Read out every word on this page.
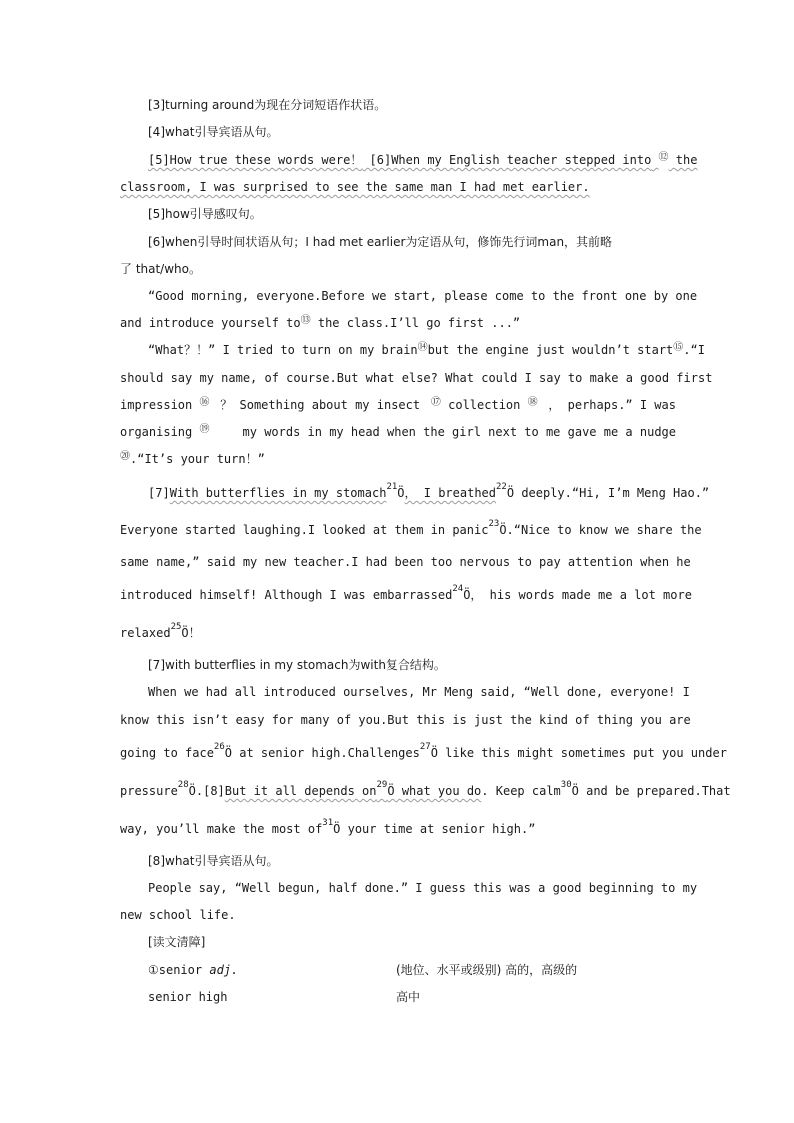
[3]turning around为现在分词短语作状语。
[4]what引导宾语从句。
[5]How true these words were！ [6]When my English teacher stepped into ⑫ the
classroom, I was surprised to see the same man I had met earlier.
[5]how引导感叹句。
[6]when引导时间状语从句；I had met earlier为定语从句，修饰先行词man，其前略
了 that/who。
“Good morning, everyone.Before we start, please come to the front one by one
and introduce yourself to⑬ the class.I’ll go first ...”
“What？！” I tried to turn on my brain⑭but the engine just wouldn’t start⑮.“I
should say my name, of course.But what else? What could I say to make a good first
impression ⑯ ？ Something about my insect ⑰ collection ⑱ ， perhaps.” I was
organising ⑲	my words in my head when the girl next to me gave me a nudge
⑳.“It’s your turn！”
[7]With butterflies in my stomach$^{21}$Ö， I breathed$^{22}$Ö deeply.“Hi, I’m Meng Hao.”
Everyone started laughing.I looked at them in panic$^{23}$Ö.“Nice to know we share the
same name,” said my new teacher.I had been too nervous to pay attention when he
introduced himself! Although I was embarrassed$^{24}$Ö， his words made me a lot more
relaxed$^{25}$Ö！
[7]with butterflies in my stomach为with复合结构。
When we had all introduced ourselves, Mr Meng said, “Well done, everyone! I
know this isn’t easy for many of you.But this is just the kind of thing you are
going to face$^{26}$Ö at senior high.Challenges$^{27}$Ö like this might sometimes put you under
pressure$^{28}$Ö.[8]But it all depends $on^{29}Ö$ what you do. Keep calm$^{30}$Ö and be prepared.That
way, you’ll make the most $of^{31}Ö$ your time at senior high.”
[8]what引导宾语从句。
People say, “Well begun, half done.” I guess this was a good beginning to my
new school life.
[读文清障]
①senior adj.	(地位、水平或级别) 高的，高级的
senior high	高中
